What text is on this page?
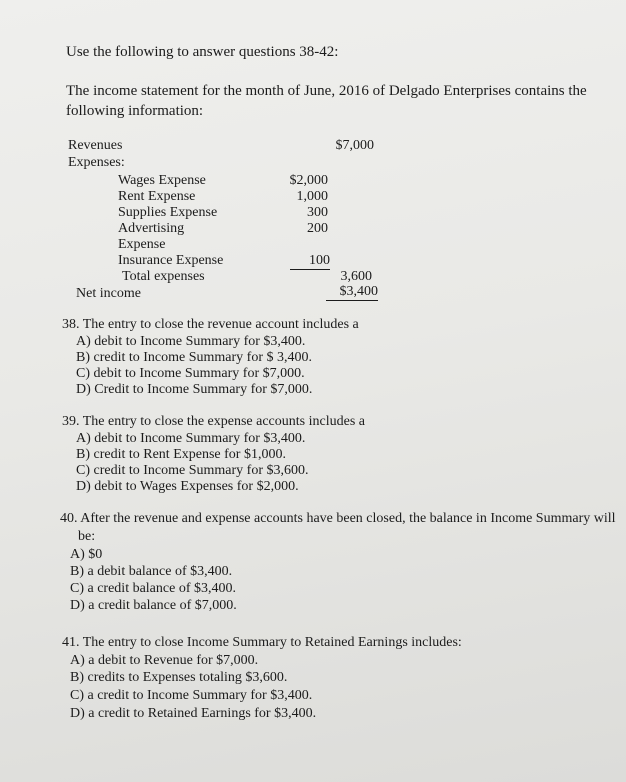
Use the following to answer questions 38-42:
The income statement for the month of June, 2016 of Delgado Enterprises contains the
following information:
Revenues	$7,000
Expenses:
Wages Expense	$2,000
Rent Expense	1,000
Supplies Expense	300
Advertising	200
Expense
Insurance Expense	100
Total expenses	3,600
Net income	$3,400
38. The entry to close the revenue account includes a
A) debit to Income Summary for $3,400.
B) credit to Income Summary for $ 3,400.
C) debit to Income Summary for $7,000.
D) Credit to Income Summary for $7,000.
39. The entry to close the expense accounts includes a
A) debit to Income Summary for $3,400.
B) credit to Rent Expense for $1,000.
C) credit to Income Summary for $3,600.
D) debit to Wages Expenses for $2,000.
40. After the revenue and expense accounts have been closed, the balance in Income Summary will
be:
A) $0
B) a debit balance of $3,400.
C) a credit balance of $3,400.
D) a credit balance of $7,000.
41. The entry to close Income Summary to Retained Earnings includes:
A) a debit to Revenue for $7,000.
B) credits to Expenses totaling $3,600.
C) a credit to Income Summary for $3,400.
D) a credit to Retained Earnings for $3,400.
